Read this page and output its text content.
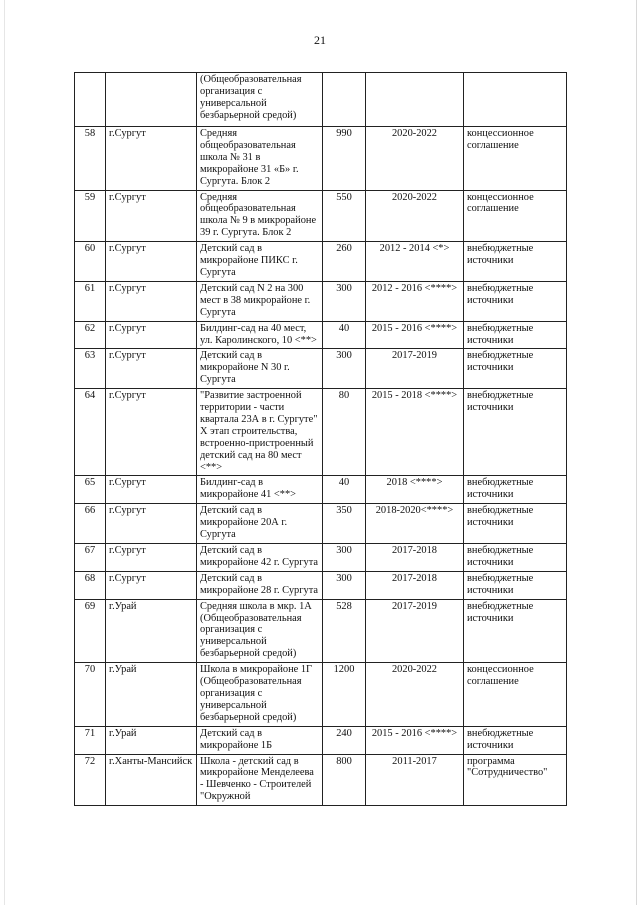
21
		(Общеобразовательная организация с универсальной безбарьерной средой)			
58	г.Сургут	Средняя общеобразовательная школа № 31 в микрорайоне 31 «Б» г. Сургута. Блок 2	990	2020-2022	концессионное соглашение
59	г.Сургут	Средняя общеобразовательная школа № 9 в микрорайоне 39 г. Сургута. Блок 2	550	2020-2022	концессионное соглашение
60	г.Сургут	Детский сад в микрорайоне ПИКС г. Сургута	260	2012 - 2014 <*>	внебюджетные источники
61	г.Сургут	Детский сад N 2 на 300 мест в 38 микрорайоне г. Сургута	300	2012 - 2016 <****>	внебюджетные источники
62	г.Сургут	Билдинг-сад на 40 мест, ул. Каролинского, 10 <**>	40	2015 - 2016 <****>	внебюджетные источники
63	г.Сургут	Детский сад в микрорайоне N 30 г. Сургута	300	2017-2019	внебюджетные источники
64	г.Сургут	"Развитие застроенной территории - части квартала 23А в г. Сургуте" X этап строительства, встроенно-пристроенный детский сад на 80 мест <**>	80	2015 - 2018 <****>	внебюджетные источники
65	г.Сургут	Билдинг-сад в микрорайоне 41 <**>	40	2018 <****>	внебюджетные источники
66	г.Сургут	Детский сад в микрорайоне 20А г. Сургута	350	2018-2020<****>	внебюджетные источники
67	г.Сургут	Детский сад в микрорайоне 42 г. Сургута	300	2017-2018	внебюджетные источники
68	г.Сургут	Детский сад в микрорайоне 28 г. Сургута	300	2017-2018	внебюджетные источники
69	г.Урай	Средняя школа в мкр. 1А (Общеобразовательная организация с универсальной безбарьерной средой)	528	2017-2019	внебюджетные источники
70	г.Урай	Школа в микрорайоне 1Г (Общеобразовательная организация с универсальной безбарьерной средой)	1200	2020-2022	концессионное соглашение
71	г.Урай	Детский сад в микрорайоне 1Б	240	2015 - 2016 <****>	внебюджетные источники
72	г.Ханты-Мансийск	Школа - детский сад в микрорайоне Менделеева - Шевченко - Строителей "Окружной	800	2011-2017	программа "Сотрудничество"
